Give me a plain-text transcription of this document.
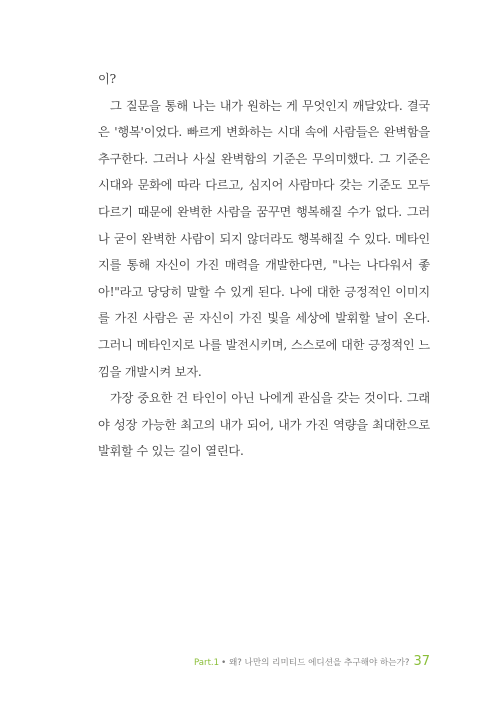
이?

그 질문을 통해 나는 내가 원하는 게 무엇인지 깨달았다. 결국은 '행복'이었다. 빠르게 변화하는 시대 속에 사람들은 완벽함을 추구한다. 그러나 사실 완벽함의 기준은 무의미했다. 그 기준은 시대와 문화에 따라 다르고, 심지어 사람마다 갖는 기준도 모두 다르기 때문에 완벽한 사람을 꿈꾸면 행복해질 수가 없다. 그러나 굳이 완벽한 사람이 되지 않더라도 행복해질 수 있다. 메타인지를 통해 자신이 가진 매력을 개발한다면, "나는 나다워서 좋아!"라고 당당히 말할 수 있게 된다. 나에 대한 긍정적인 이미지를 가진 사람은 곧 자신이 가진 빛을 세상에 발휘할 날이 온다. 그러니 메타인지로 나를 발전시키며, 스스로에 대한 긍정적인 느낌을 개발시켜 보자.

가장 중요한 건 타인이 아닌 나에게 관심을 갖는 것이다. 그래야 성장 가능한 최고의 내가 되어, 내가 가진 역량을 최대한으로 발휘할 수 있는 길이 열린다.

Part.1 • 왜? 나만의 리미티드 에디션을 추구해야 하는가? 37
